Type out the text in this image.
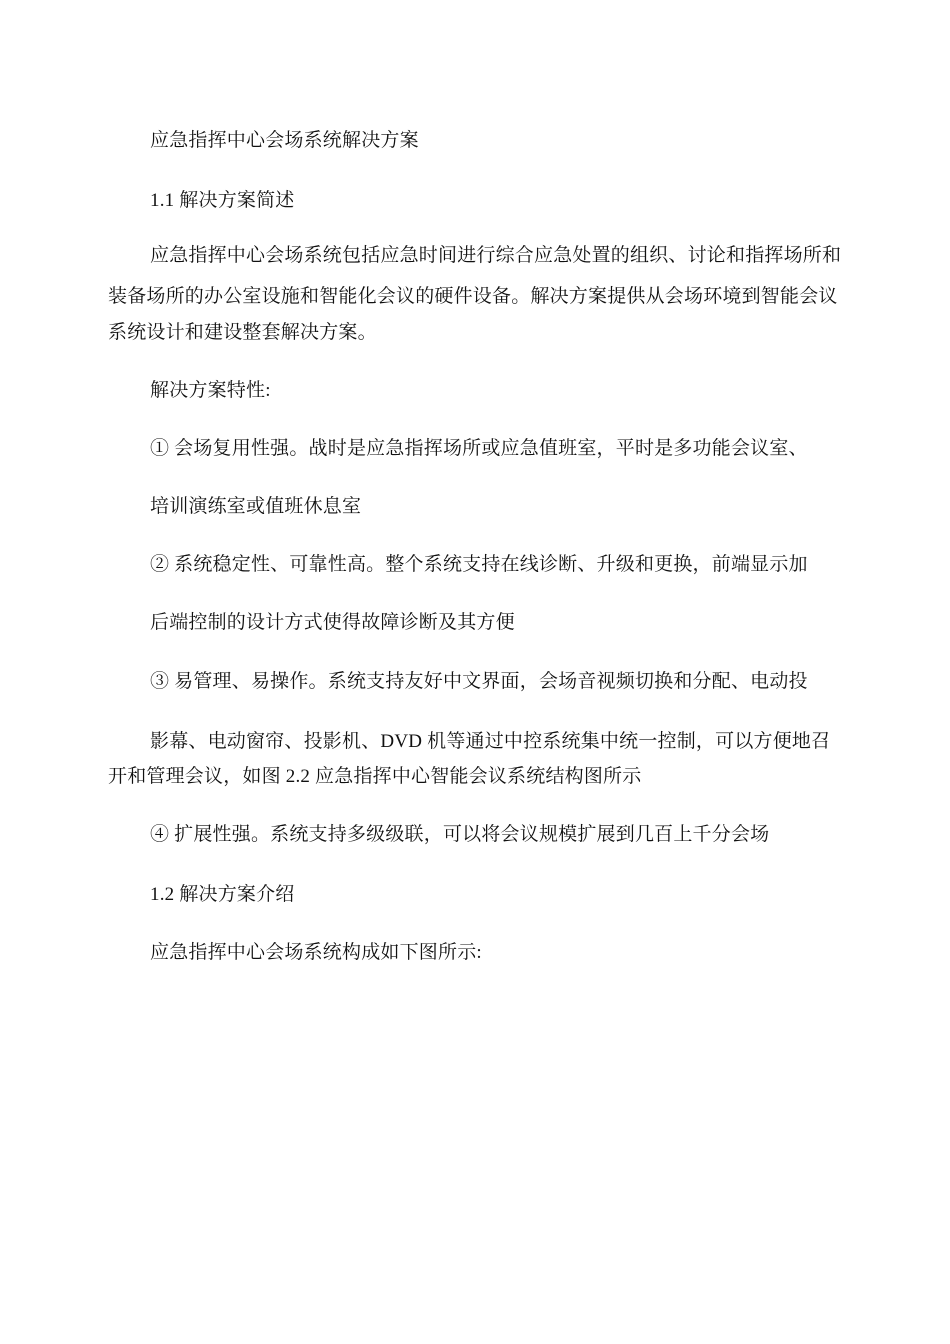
应急指挥中心会场系统解决方案
1.1 解决方案简述
应急指挥中心会场系统包括应急时间进行综合应急处置的组织、讨论和指挥场所和
装备场所的办公室设施和智能化会议的硬件设备。解决方案提供从会场环境到智能会议
系统设计和建设整套解决方案。
解决方案特性:
① 会场复用性强。战时是应急指挥场所或应急值班室，平时是多功能会议室、
培训演练室或值班休息室
② 系统稳定性、可靠性高。整个系统支持在线诊断、升级和更换，前端显示加
后端控制的设计方式使得故障诊断及其方便
③ 易管理、易操作。系统支持友好中文界面，会场音视频切换和分配、电动投
影幕、电动窗帘、投影机、DVD 机等通过中控系统集中统一控制，可以方便地召
开和管理会议，如图 2.2 应急指挥中心智能会议系统结构图所示
④ 扩展性强。系统支持多级级联，可以将会议规模扩展到几百上千分会场
1.2 解决方案介绍
应急指挥中心会场系统构成如下图所示:
